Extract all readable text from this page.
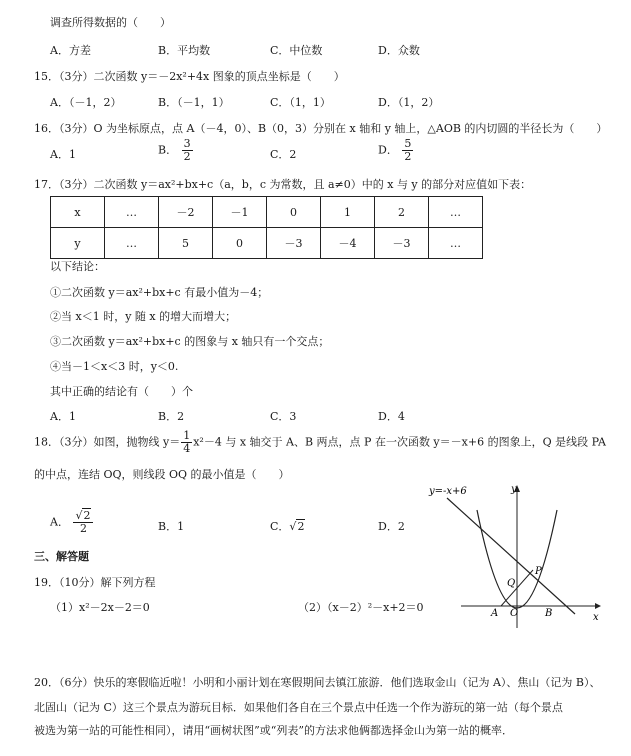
调查所得数据的（　　）
A．方差	B．平均数	C．中位数	D．众数
15．（3分）二次函数 y＝－2x²+4x 图象的顶点坐标是（　　）
A．（－1，2）	B．（－1，1）	C．（1，1）	D．（1，2）
16．（3分）O 为坐标原点，点 A（－4，0）、B（0，3）分别在 x 轴和 y 轴上，△AOB 的内切圆的半径长为（　　）
A．1	B． $\frac{3}{2}$	C．2	D． $\frac{5}{2}$
17．（3分）二次函数 y＝ax²+bx+c（a，b，c 为常数，且 a≠0）中的 x 与 y 的部分对应值如下表：
x	…	－2	－1	0	1	2	…
y	…	5	0	－3	－4	－3	…
以下结论：
①二次函数 y＝ax²+bx+c 有最小值为－4；
②当 x＜1 时，y 随 x 的增大而增大；
③二次函数 y＝ax²+bx+c 的图象与 x 轴只有一个交点；
④当－1＜x＜3 时，y＜0.
其中正确的结论有（　　）个
A．1	B．2	C．3	D．4
18．（3分）如图，抛物线 $y= \frac{1}{4} x^2-4$ 与 x 轴交于 A、B 两点，点 P 在一次函数 y＝－x+6 的图象上，Q 是线段 PA
的中点，连结 OQ，则线段 OQ 的最小值是（　　）
A． $\frac{√2}{2}$	B．1	C．√2	D．2
y=-x+6	y
x
P
Q
A O	B
三、解答题
19．（10分）解下列方程
（1）x²－2x－2＝0	（2）（x－2）²－x+2＝0
20．（6分）快乐的寒假临近啦！小明和小丽计划在寒假期间去镇江旅游．他们选取金山（记为 A）、焦山（记为 B）、
北固山（记为 C）这三个景点为游玩目标．如果他们各自在三个景点中任选一个作为游玩的第一站（每个景点
被选为第一站的可能性相同），请用“画树状图”或“列表”的方法求他俩都选择金山为第一站的概率．
